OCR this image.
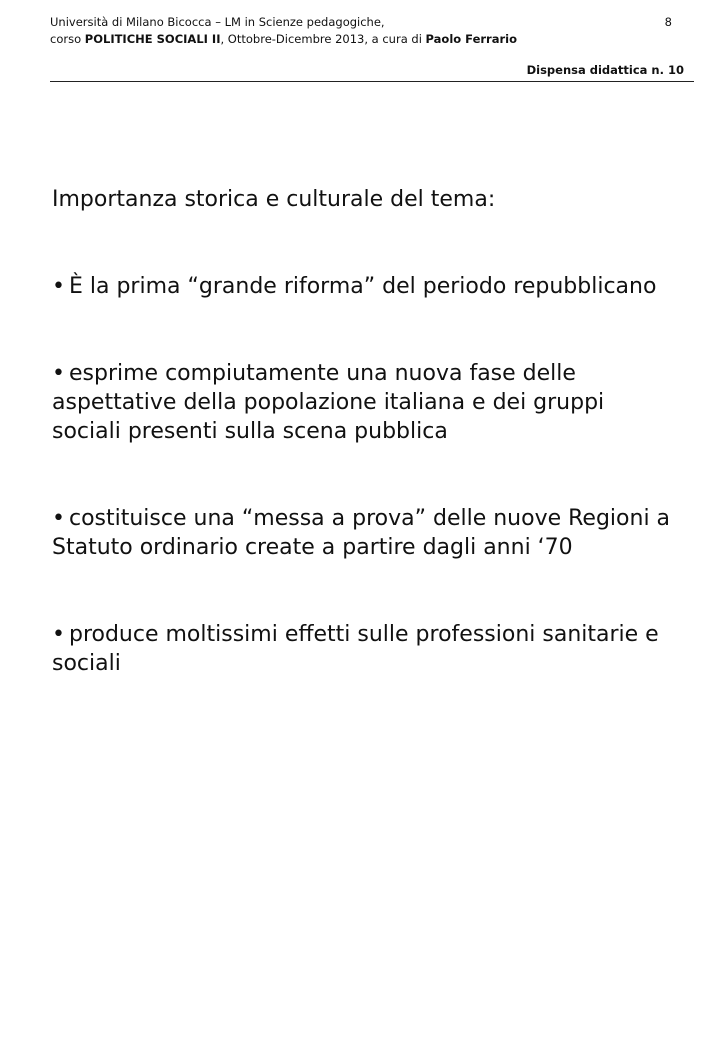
Università di Milano Bicocca – LM in Scienze pedagogiche,
corso POLITICHE SOCIALI II, Ottobre-Dicembre 2013, a cura di Paolo Ferrario
8
Dispensa didattica n. 10
Importanza storica e culturale del tema:
• È la prima “grande riforma” del periodo repubblicano
• esprime compiutamente una nuova fase delle aspettative della popolazione italiana e dei gruppi sociali presenti sulla scena pubblica
• costituisce una “messa a prova” delle nuove Regioni a Statuto ordinario create a partire dagli anni ‘70
• produce moltissimi effetti sulle professioni sanitarie e sociali
